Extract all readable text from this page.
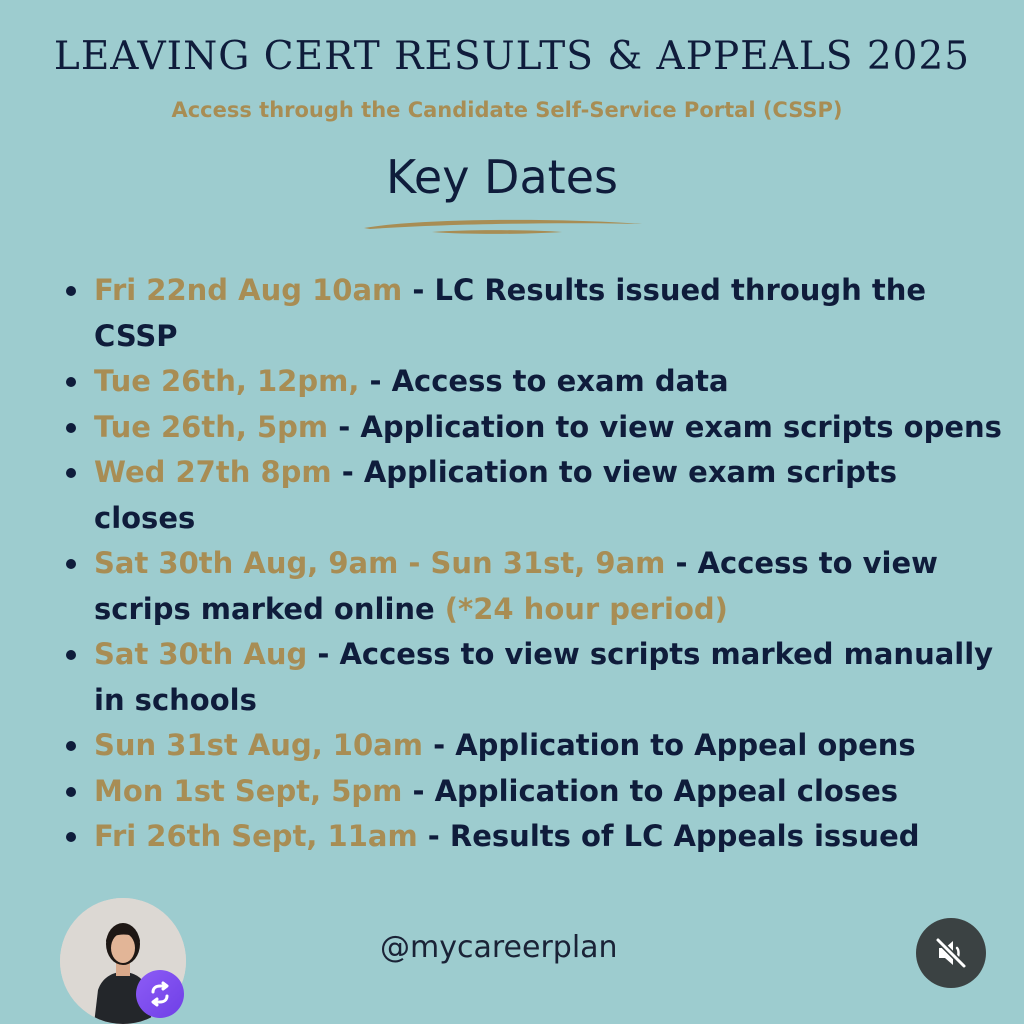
LEAVING CERT RESULTS & APPEALS 2025
Access through the Candidate Self-Service Portal (CSSP)
Key Dates
Fri 22nd Aug 10am - LC Results issued through the CSSP
Tue 26th, 12pm, - Access to exam data
Tue 26th, 5pm - Application to view exam scripts opens
Wed 27th 8pm - Application to view exam scripts closes
Sat 30th Aug, 9am - Sun 31st, 9am - Access to view scrips marked online (*24 hour period)
Sat 30th Aug - Access to view scripts marked manually in schools
Sun 31st Aug, 10am - Application to Appeal opens
Mon 1st Sept, 5pm - Application to Appeal closes
Fri 26th Sept, 11am - Results of LC Appeals issued
@mycareerplan
